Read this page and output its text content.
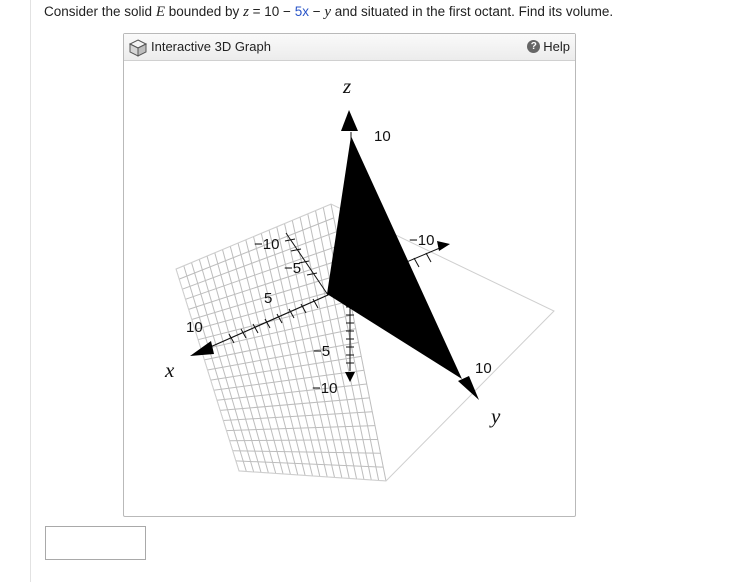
Consider the solid E bounded by z = 10 − 5x − y and situated in the first octant. Find its volume.
Interactive 3D Graph	? Help
z
x
y
10
−10
−5
5
10
−10
−5
−10
10
